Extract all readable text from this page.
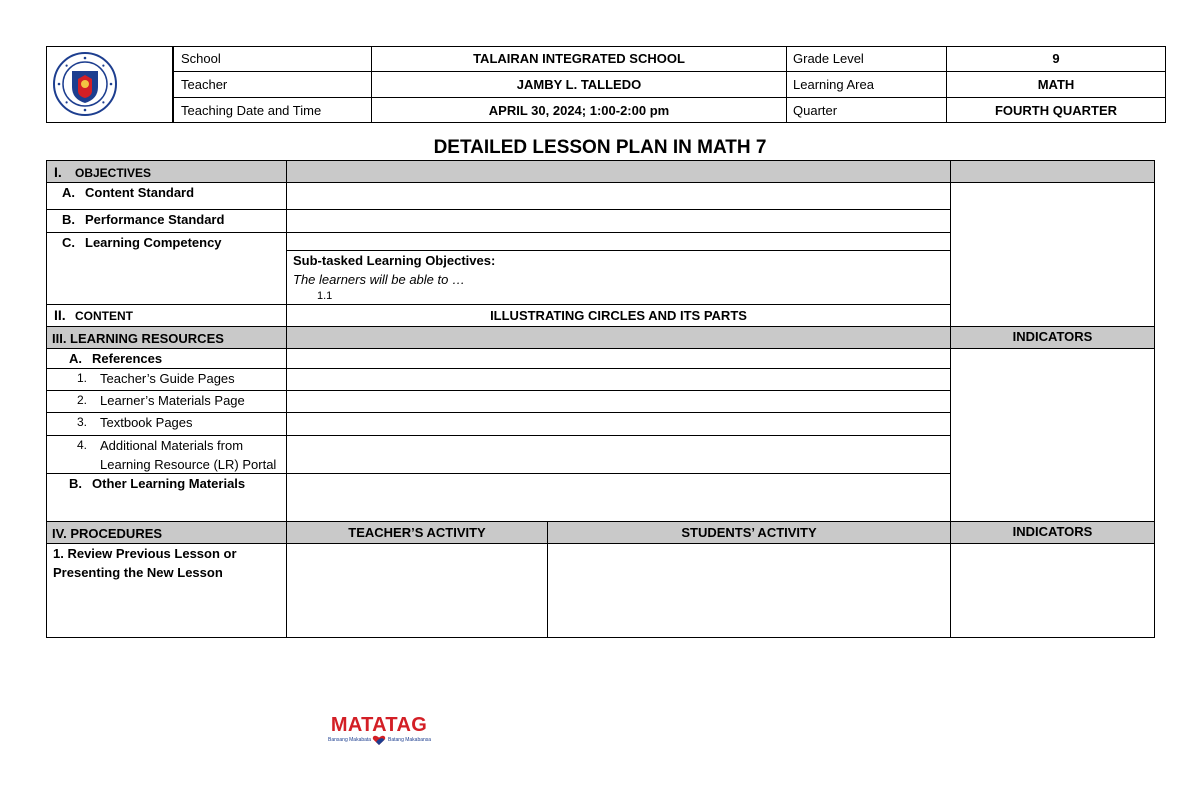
School	TALAIRAN INTEGRATED SCHOOL	Grade Level	9
Teacher	JAMBY L. TALLEDO	Learning Area	MATH
Teaching Date and Time	APRIL 30, 2024; 1:00-2:00 pm	Quarter	FOURTH QUARTER
DETAILED LESSON PLAN IN MATH 7
I. OBJECTIVES
A. Content Standard
B. Performance Standard
C. Learning Competency
Sub-tasked Learning Objectives:
The learners will be able to …
1.1
II. CONTENT	ILLUSTRATING CIRCLES AND ITS PARTS
III. LEARNING RESOURCES	INDICATORS
A. References
1. Teacher’s Guide Pages
2. Learner’s Materials Page
3. Textbook Pages
4. Additional Materials from
Learning Resource (LR) Portal
B. Other Learning Materials
IV. PROCEDURES	TEACHER’S ACTIVITY	STUDENTS’ ACTIVITY	INDICATORS
1. Review Previous Lesson or
Presenting the New Lesson
MATATAG
Bansang Makabata	Batang Makabansa
